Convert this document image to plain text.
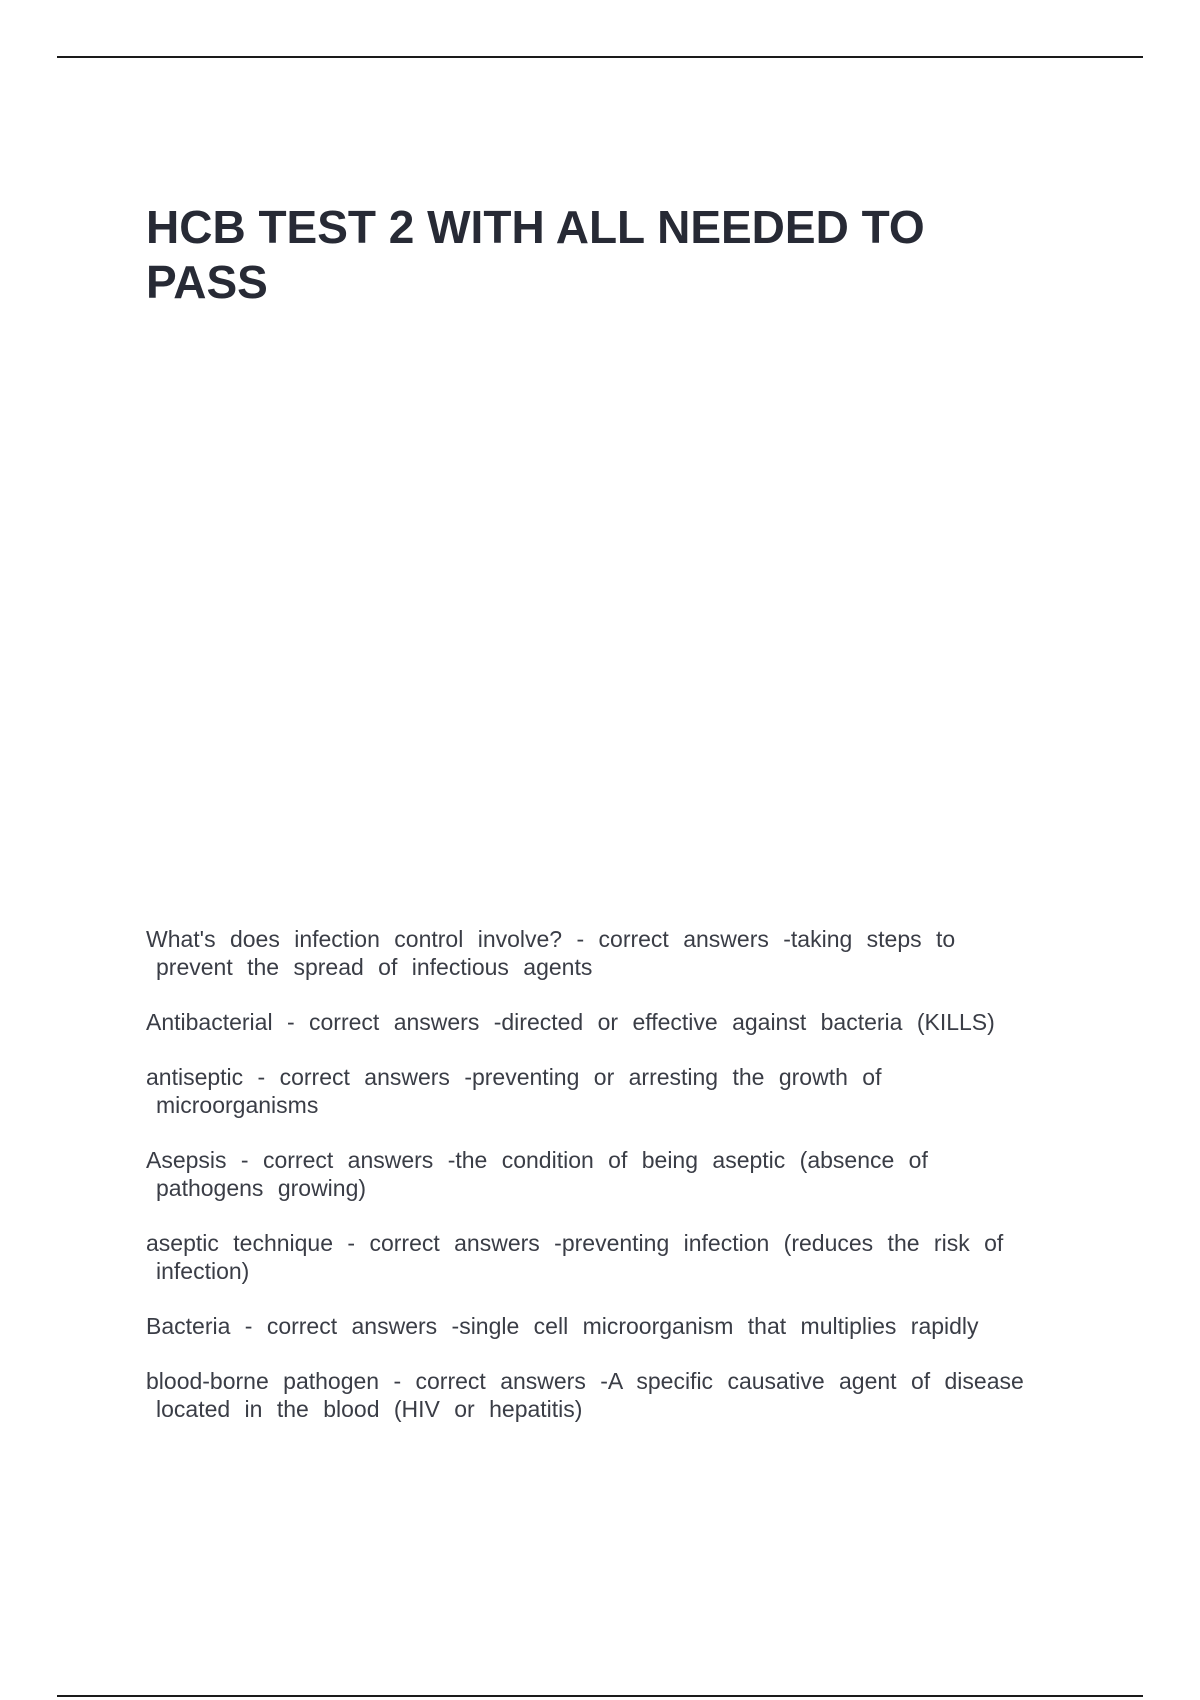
HCB TEST 2 WITH ALL NEEDED TO PASS
What's does infection control involve? - correct answers -taking steps to
prevent the spread of infectious agents
Antibacterial - correct answers -directed or effective against bacteria (KILLS)
antiseptic - correct answers -preventing or arresting the growth of
microorganisms
Asepsis - correct answers -the condition of being aseptic (absence of
pathogens growing)
aseptic technique - correct answers -preventing infection (reduces the risk of
infection)
Bacteria - correct answers -single cell microorganism that multiplies rapidly
blood-borne pathogen - correct answers -A specific causative agent of disease
located in the blood (HIV or hepatitis)
